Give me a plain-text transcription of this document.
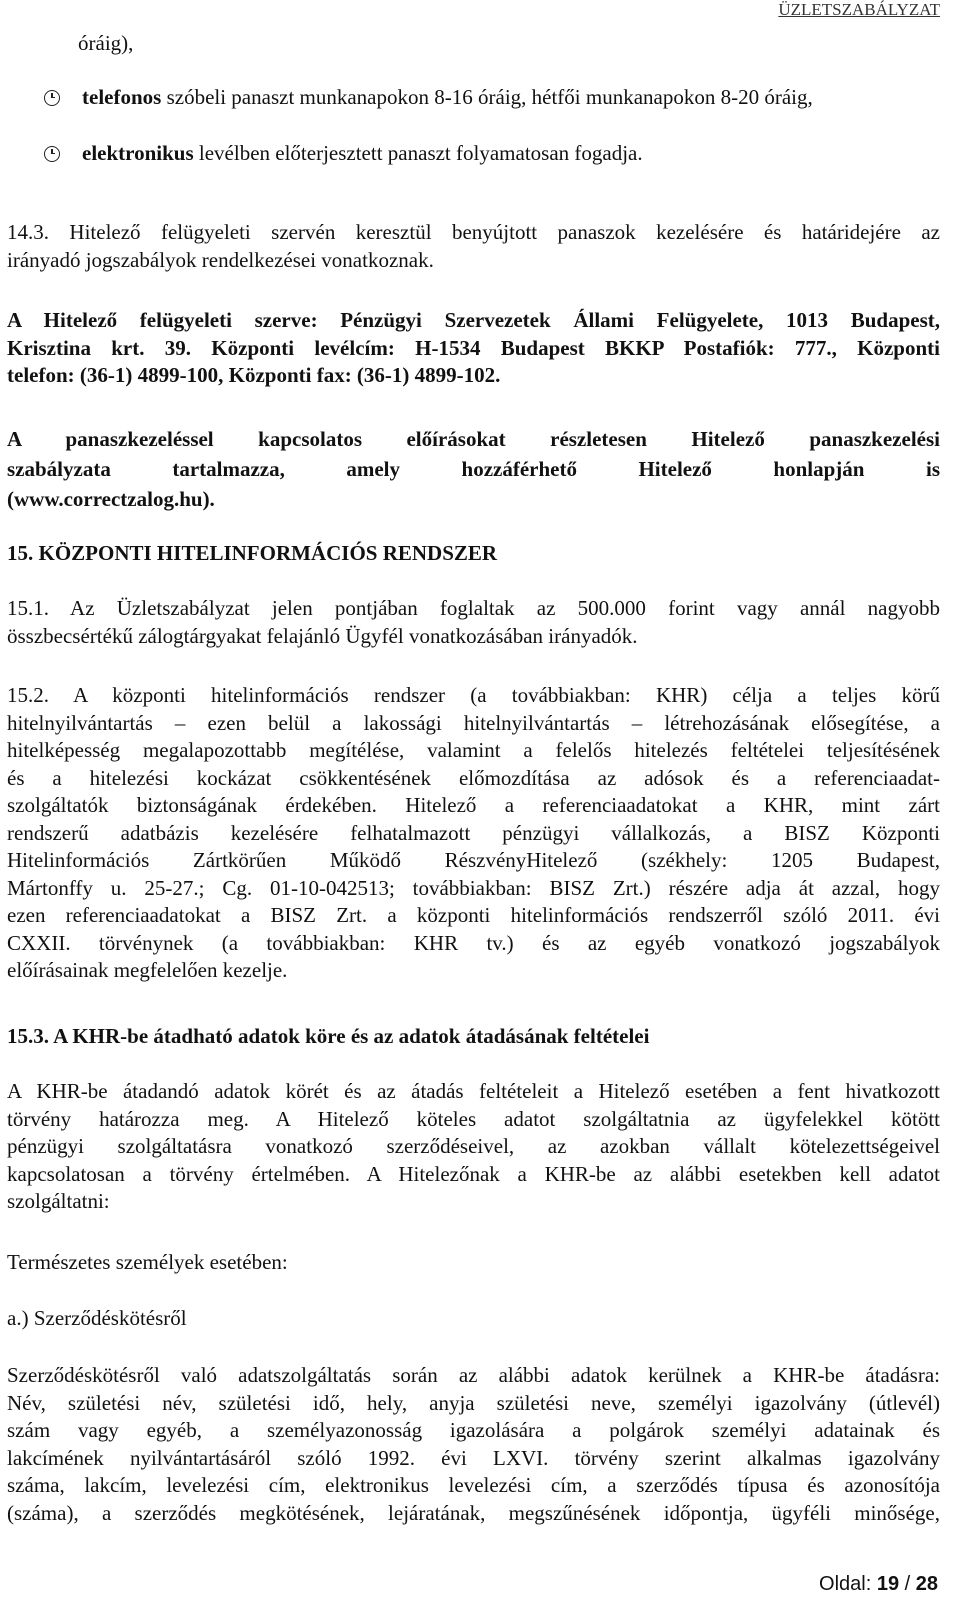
ÜZLETSZABÁLYZAT
óráig),
telefonos szóbeli panaszt munkanapokon 8-16 óráig, hétfői munkanapokon 8-20 óráig,
elektronikus levélben előterjesztett panaszt folyamatosan fogadja.
14.3. Hitelező felügyeleti szervén keresztül benyújtott panaszok kezelésére és határidejére az
irányadó jogszabályok rendelkezései vonatkoznak.
A Hitelező felügyeleti szerve: Pénzügyi Szervezetek Állami Felügyelete, 1013 Budapest,
Krisztina krt. 39. Központi levélcím: H-1534 Budapest BKKP Postafiók: 777., Központi
telefon: (36-1) 4899-100, Központi fax: (36-1) 4899-102.
A panaszkezeléssel kapcsolatos előírásokat részletesen Hitelező panaszkezelési
szabályzata tartalmazza, amely hozzáférhető Hitelező honlapján is
(www.correctzalog.hu).
15. KÖZPONTI HITELINFORMÁCIÓS RENDSZER
15.1. Az Üzletszabályzat jelen pontjában foglaltak az 500.000 forint vagy annál nagyobb
összbecsértékű zálogtárgyakat felajánló Ügyfél vonatkozásában irányadók.
15.2. A központi hitelinformációs rendszer (a továbbiakban: KHR) célja a teljes körű
hitelnyilvántartás – ezen belül a lakossági hitelnyilvántartás – létrehozásának elősegítése, a
hitelképesség megalapozottabb megítélése, valamint a felelős hitelezés feltételei teljesítésének
és a hitelezési kockázat csökkentésének előmozdítása az adósok és a referenciaadat-
szolgáltatók biztonságának érdekében. Hitelező a referenciaadatokat a KHR, mint zárt
rendszerű adatbázis kezelésére felhatalmazott pénzügyi vállalkozás, a BISZ Központi
Hitelinformációs Zártkörűen Működő RészvényHitelező (székhely: 1205 Budapest,
Mártonffy u. 25-27.; Cg. 01-10-042513; továbbiakban: BISZ Zrt.) részére adja át azzal, hogy
ezen referenciaadatokat a BISZ Zrt. a központi hitelinformációs rendszerről szóló 2011. évi
CXXII. törvénynek (a továbbiakban: KHR tv.) és az egyéb vonatkozó jogszabályok
előírásainak megfelelően kezelje.
15.3. A KHR-be átadható adatok köre és az adatok átadásának feltételei
A KHR-be átadandó adatok körét és az átadás feltételeit a Hitelező esetében a fent hivatkozott
törvény határozza meg. A Hitelező köteles adatot szolgáltatnia az ügyfelekkel kötött
pénzügyi szolgáltatásra vonatkozó szerződéseivel, az azokban vállalt kötelezettségeivel
kapcsolatosan a törvény értelmében. A Hitelezőnak a KHR-be az alábbi esetekben kell adatot
szolgáltatni:
Természetes személyek esetében:
a.) Szerződéskötésről
Szerződéskötésről való adatszolgáltatás során az alábbi adatok kerülnek a KHR-be átadásra:
Név, születési név, születési idő, hely, anyja születési neve, személyi igazolvány (útlevél)
szám vagy egyéb, a személyazonosság igazolására a polgárok személyi adatainak és
lakcímének nyilvántartásáról szóló 1992. évi LXVI. törvény szerint alkalmas igazolvány
száma, lakcím, levelezési cím, elektronikus levelezési cím, a szerződés típusa és azonosítója
(száma), a szerződés megkötésének, lejáratának, megszűnésének időpontja, ügyféli minősége,
Oldal: 19 / 28
